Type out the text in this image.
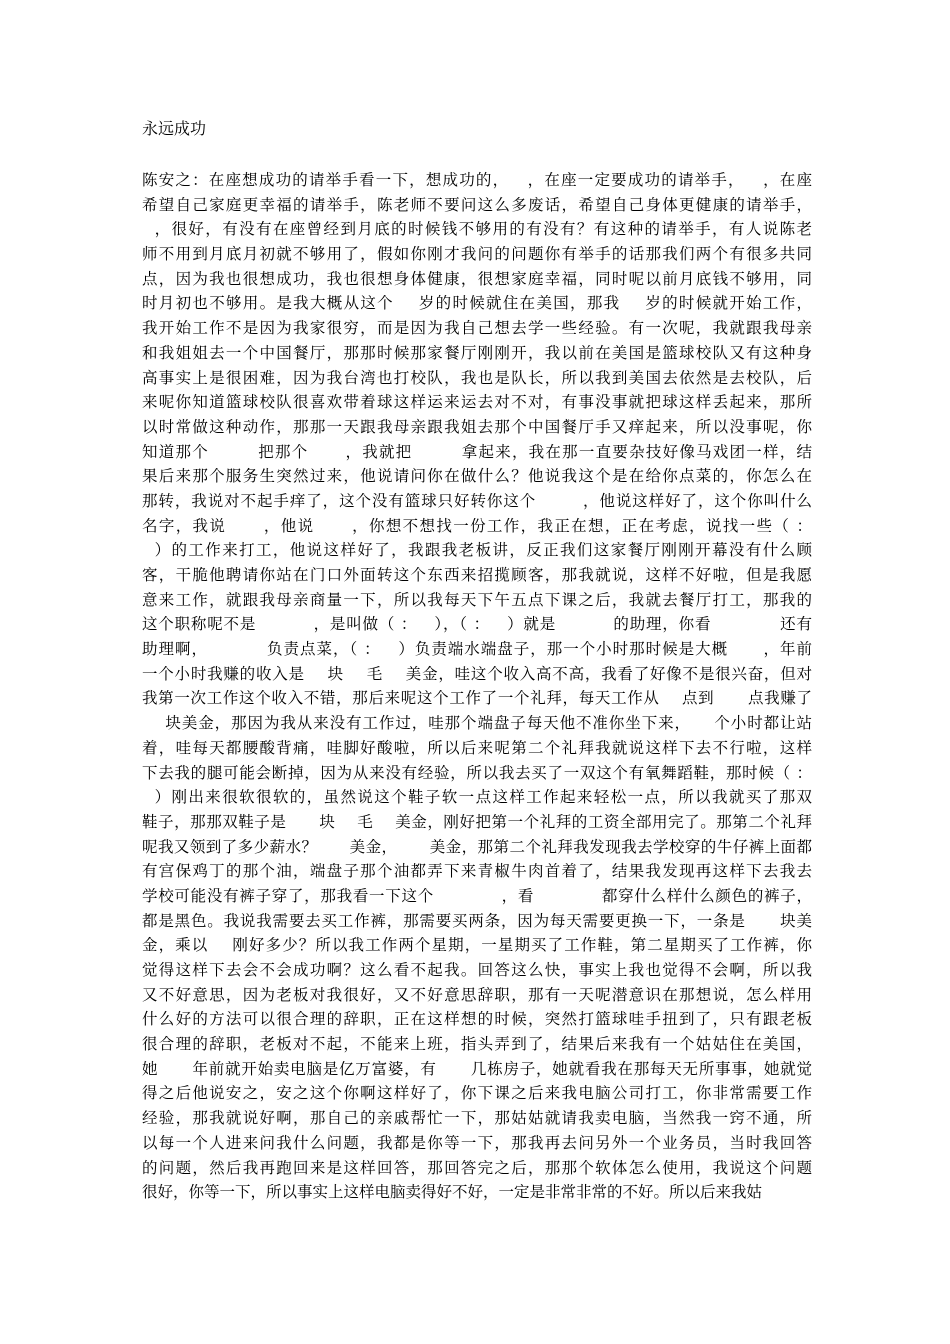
永远成功
陈安之：在座想成功的请举手看一下，想成功的，   ，在座一定要成功的请举手，   ，在座
希望自己家庭更幸福的请举手，陈老师不要问这么多废话，希望自己身体更健康的请举手，
，很好，有没有在座曾经到月底的时候钱不够用的有没有？有这种的请举手，有人说陈老
师不用到月底月初就不够用了，假如你刚才我问的问题你有举手的话那我们两个有很多共同
点，因为我也很想成功，我也很想身体健康，很想家庭幸福，同时呢以前月底钱不够用，同
时月初也不够用。是我大概从这个    岁的时候就住在美国，那我    岁的时候就开始工作，
我开始工作不是因为我家很穷，而是因为我自己想去学一些经验。有一次呢，我就跟我母亲
和我姐姐去一个中国餐厅，那那时候那家餐厅刚刚开，我以前在美国是篮球校队又有这种身
高事实上是很困难，因为我台湾也打校队，我也是队长，所以我到美国去依然是去校队，后
来呢你知道篮球校队很喜欢带着球这样运来运去对不对，有事没事就把球这样丢起来，那所
以时常做这种动作，那那一天跟我母亲跟我姐去那个中国餐厅手又痒起来，所以没事呢，你
知道那个        把那个      ，我就把        拿起来，我在那一直要杂技好像马戏团一样，结
果后来那个服务生突然过来，他说请问你在做什么？他说我这个是在给你点菜的，你怎么在
那转，我说对不起手痒了，这个没有篮球只好转你这个        ，他说这样好了，这个你叫什么
名字，我说      ，他说      ，你想不想找一份工作，我正在想，正在考虑，说找一些（ ：
）的工作来打工，他说这样好了，我跟我老板讲，反正我们这家餐厅刚刚开幕没有什么顾
客，干脆他聘请你站在门口外面转这个东西来招揽顾客，那我就说，这样不好啦，但是我愿
意来工作，就跟我母亲商量一下，所以我每天下午五点下课之后，我就去餐厅打工，那我的
这个职称呢不是          ，是叫做（ ：   ），（ ：   ）就是          的助理，你看            还有
助理啊，          负责点菜，（ ：   ）负责端水端盘子，那一个小时那时候是大概      ，年前
一个小时我赚的收入是    块    毛    美金，哇这个收入高不高，我看了好像不是很兴奋，但对
我第一次工作这个收入不错，那后来呢这个工作了一个礼拜，每天工作从    点到      点我赚了
块美金，那因为我从来没有工作过，哇那个端盘子每天他不准你坐下来，    个小时都让站
着，哇每天都腰酸背痛，哇脚好酸啦，所以后来呢第二个礼拜我就说这样下去不行啦，这样
下去我的腿可能会断掉，因为从来没有经验，所以我去买了一双这个有氧舞蹈鞋，那时候（ ：
）刚出来很软很软的，虽然说这个鞋子软一点这样工作起来轻松一点，所以我就买了那双
鞋子，那那双鞋子是      块    毛    美金，刚好把第一个礼拜的工资全部用完了。那第二个礼拜
呢我又领到了多少薪水？      美金，      美金，那第二个礼拜我发现我去学校穿的牛仔裤上面都
有宫保鸡丁的那个油，端盘子那个油都弄下来青椒牛肉首着了，结果我发现再这样下去我去
学校可能没有裤子穿了，那我看一下这个            ，看            都穿什么样什么颜色的裤子，
都是黑色。我说我需要去买工作裤，那需要买两条，因为每天需要更换一下，一条是      块美
金，乘以    刚好多少？所以我工作两个星期，一星期买了工作鞋，第二星期买了工作裤，你
觉得这样下去会不会成功啊？这么看不起我。回答这么快，事实上我也觉得不会啊，所以我
又不好意思，因为老板对我很好，又不好意思辞职，那有一天呢潜意识在那想说，怎么样用
什么好的方法可以很合理的辞职，正在这样想的时候，突然打篮球哇手扭到了，只有跟老板
很合理的辞职，老板对不起，不能来上班，指头弄到了，结果后来我有一个姑姑住在美国，
她      年前就开始卖电脑是亿万富婆，有      几栋房子，她就看我在那每天无所事事，她就觉
得之后他说安之，安之这个你啊这样好了，你下课之后来我电脑公司打工，你非常需要工作
经验，那我就说好啊，那自己的亲戚帮忙一下，那姑姑就请我卖电脑，当然我一窍不通，所
以每一个人进来问我什么问题，我都是你等一下，那我再去问另外一个业务员，当时我回答
的问题，然后我再跑回来是这样回答，那回答完之后，那那个软体怎么使用，我说这个问题
很好，你等一下，所以事实上这样电脑卖得好不好，一定是非常非常的不好。所以后来我姑
